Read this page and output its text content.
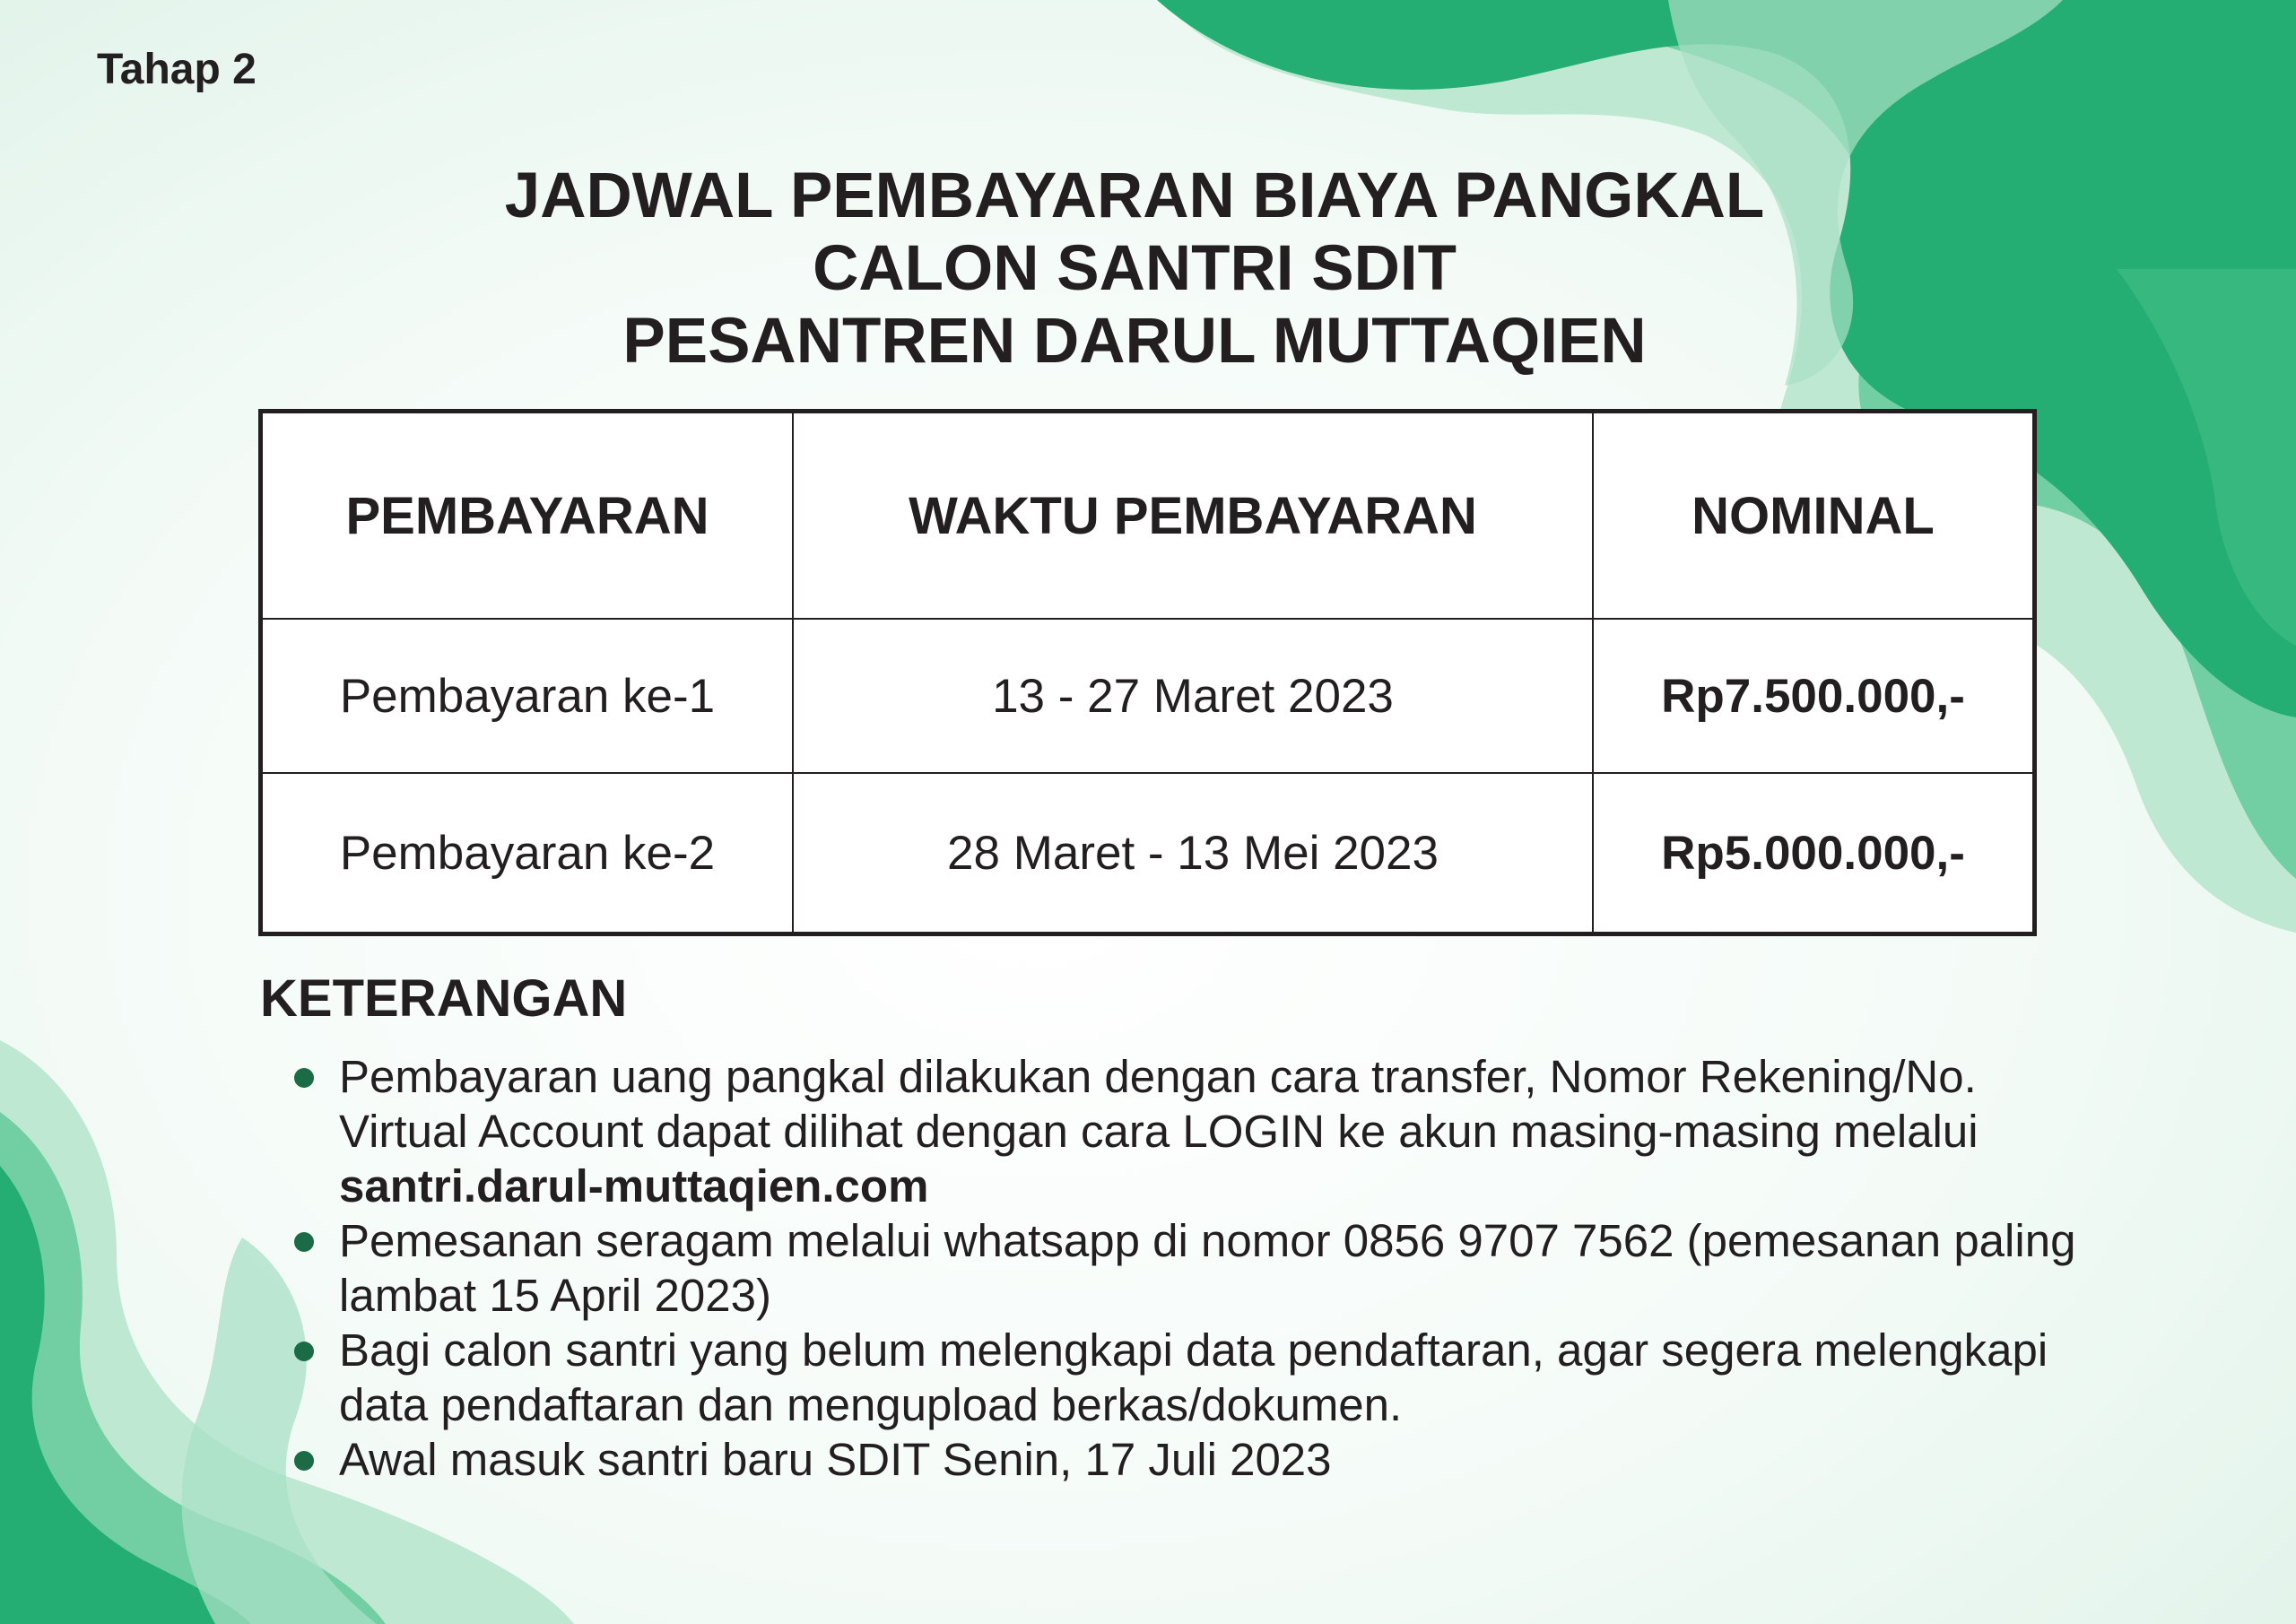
Tahap 2
JADWAL PEMBAYARAN BIAYA PANGKAL
CALON SANTRI SDIT
PESANTREN DARUL MUTTAQIEN
PEMBAYARAN	WAKTU PEMBAYARAN	NOMINAL
Pembayaran ke-1	13 - 27 Maret 2023	Rp7.500.000,-
Pembayaran ke-2	28 Maret - 13 Mei 2023	Rp5.000.000,-
KETERANGAN
Pembayaran uang pangkal dilakukan dengan cara transfer, Nomor Rekening/No. Virtual Account dapat dilihat dengan cara LOGIN ke akun masing-masing melalui santri.darul-muttaqien.com
Pemesanan seragam melalui whatsapp di nomor 0856 9707 7562 (pemesanan paling lambat 15 April 2023)
Bagi calon santri yang belum melengkapi data pendaftaran, agar segera melengkapi data pendaftaran dan mengupload berkas/dokumen.
Awal masuk santri baru SDIT Senin, 17 Juli 2023
